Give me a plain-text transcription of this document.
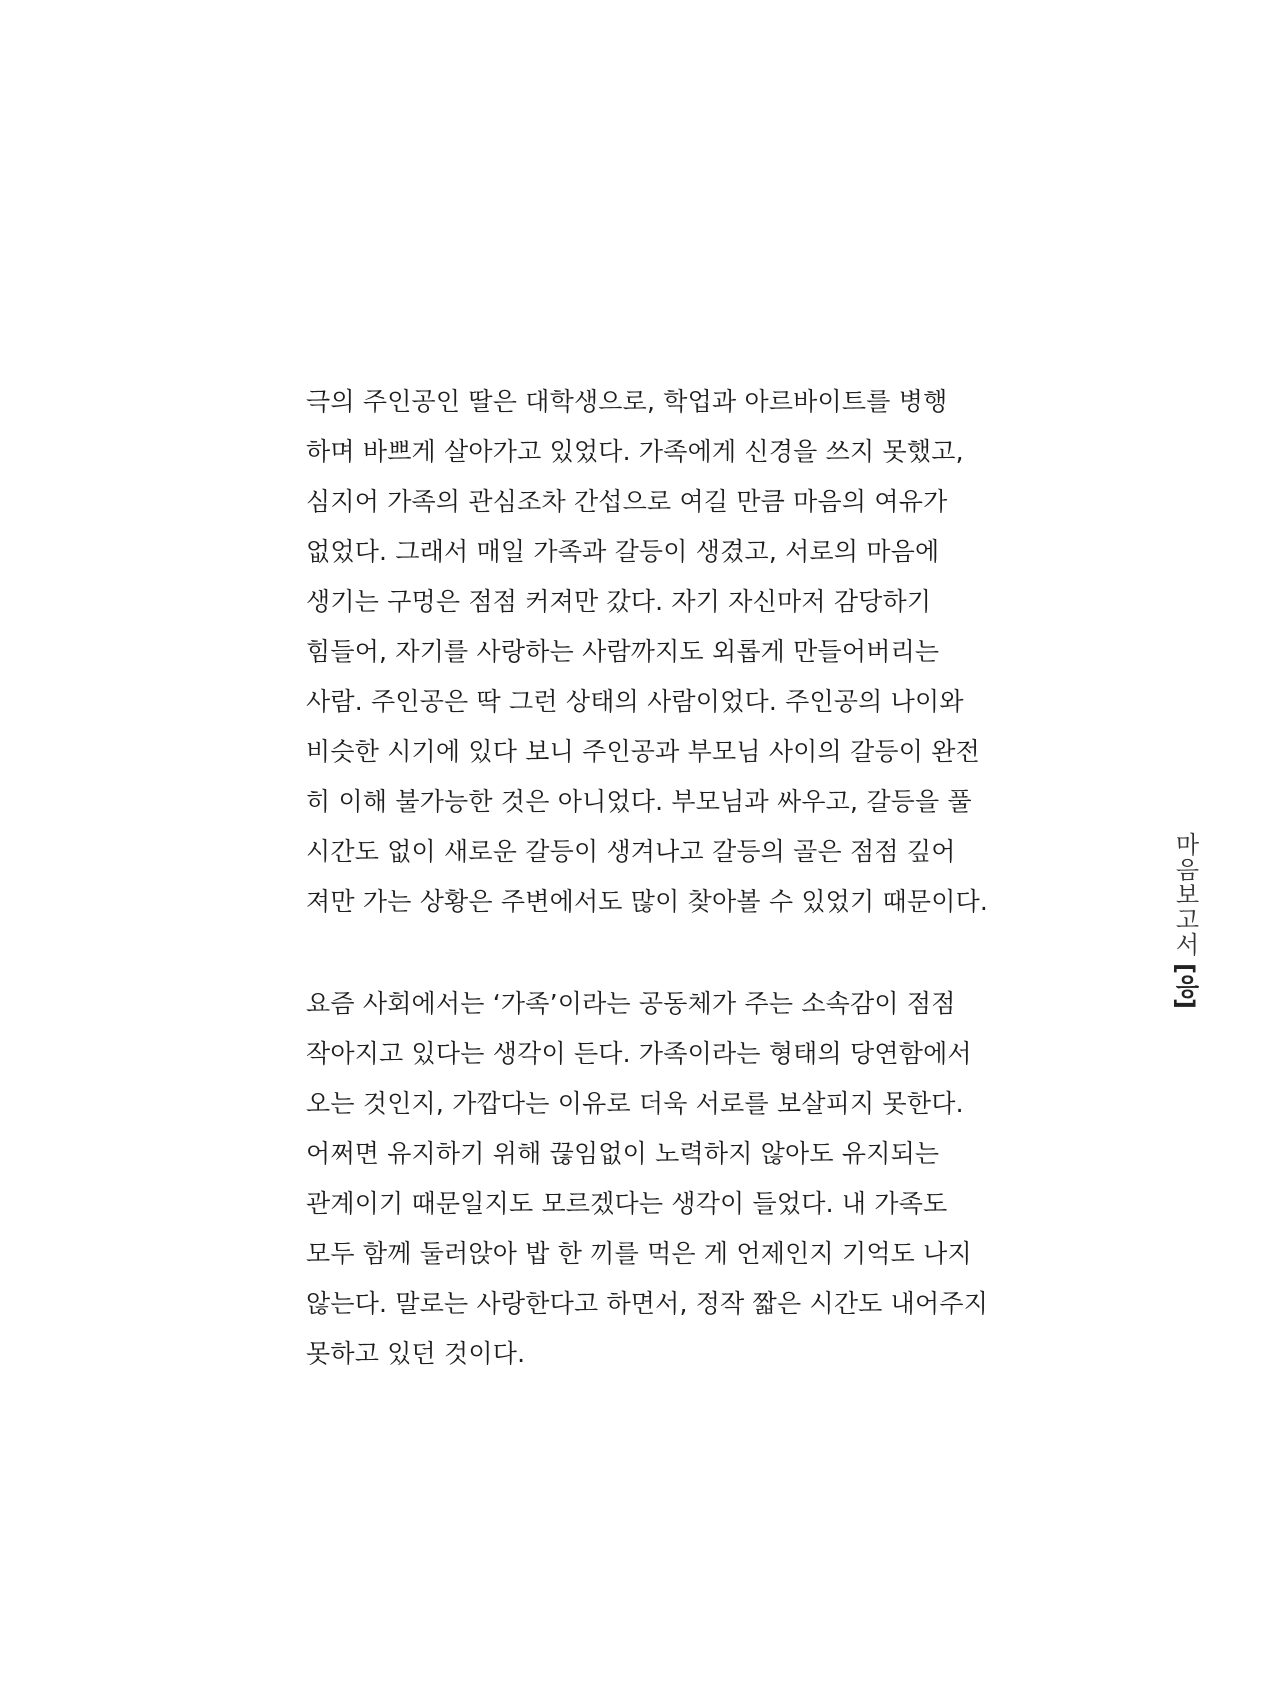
극의 주인공인 딸은 대학생으로, 학업과 아르바이트를 병행
하며 바쁘게 살아가고 있었다. 가족에게 신경을 쓰지 못했고,
심지어 가족의 관심조차 간섭으로 여길 만큼 마음의 여유가
없었다. 그래서 매일 가족과 갈등이 생겼고, 서로의 마음에
생기는 구멍은 점점 커져만 갔다. 자기 자신마저 감당하기
힘들어, 자기를 사랑하는 사람까지도 외롭게 만들어버리는
사람. 주인공은 딱 그런 상태의 사람이었다. 주인공의 나이와
비슷한 시기에 있다 보니 주인공과 부모님 사이의 갈등이 완전
히 이해 불가능한 것은 아니었다. 부모님과 싸우고, 갈등을 풀
시간도 없이 새로운 갈등이 생겨나고 갈등의 골은 점점 깊어
져만 가는 상황은 주변에서도 많이 찾아볼 수 있었기 때문이다.
요즘 사회에서는 ‘가족’이라는 공동체가 주는 소속감이 점점
작아지고 있다는 생각이 든다. 가족이라는 형태의 당연함에서
오는 것인지, 가깝다는 이유로 더욱 서로를 보살피지 못한다.
어쩌면 유지하기 위해 끊임없이 노력하지 않아도 유지되는
관계이기 때문일지도 모르겠다는 생각이 들었다. 내 가족도
모두 함께 둘러앉아 밥 한 끼를 먹은 게 언제인지 기억도 나지
않는다. 말로는 사랑한다고 하면서, 정작 짧은 시간도 내어주지
못하고 있던 것이다.
마음보고서
[응]
